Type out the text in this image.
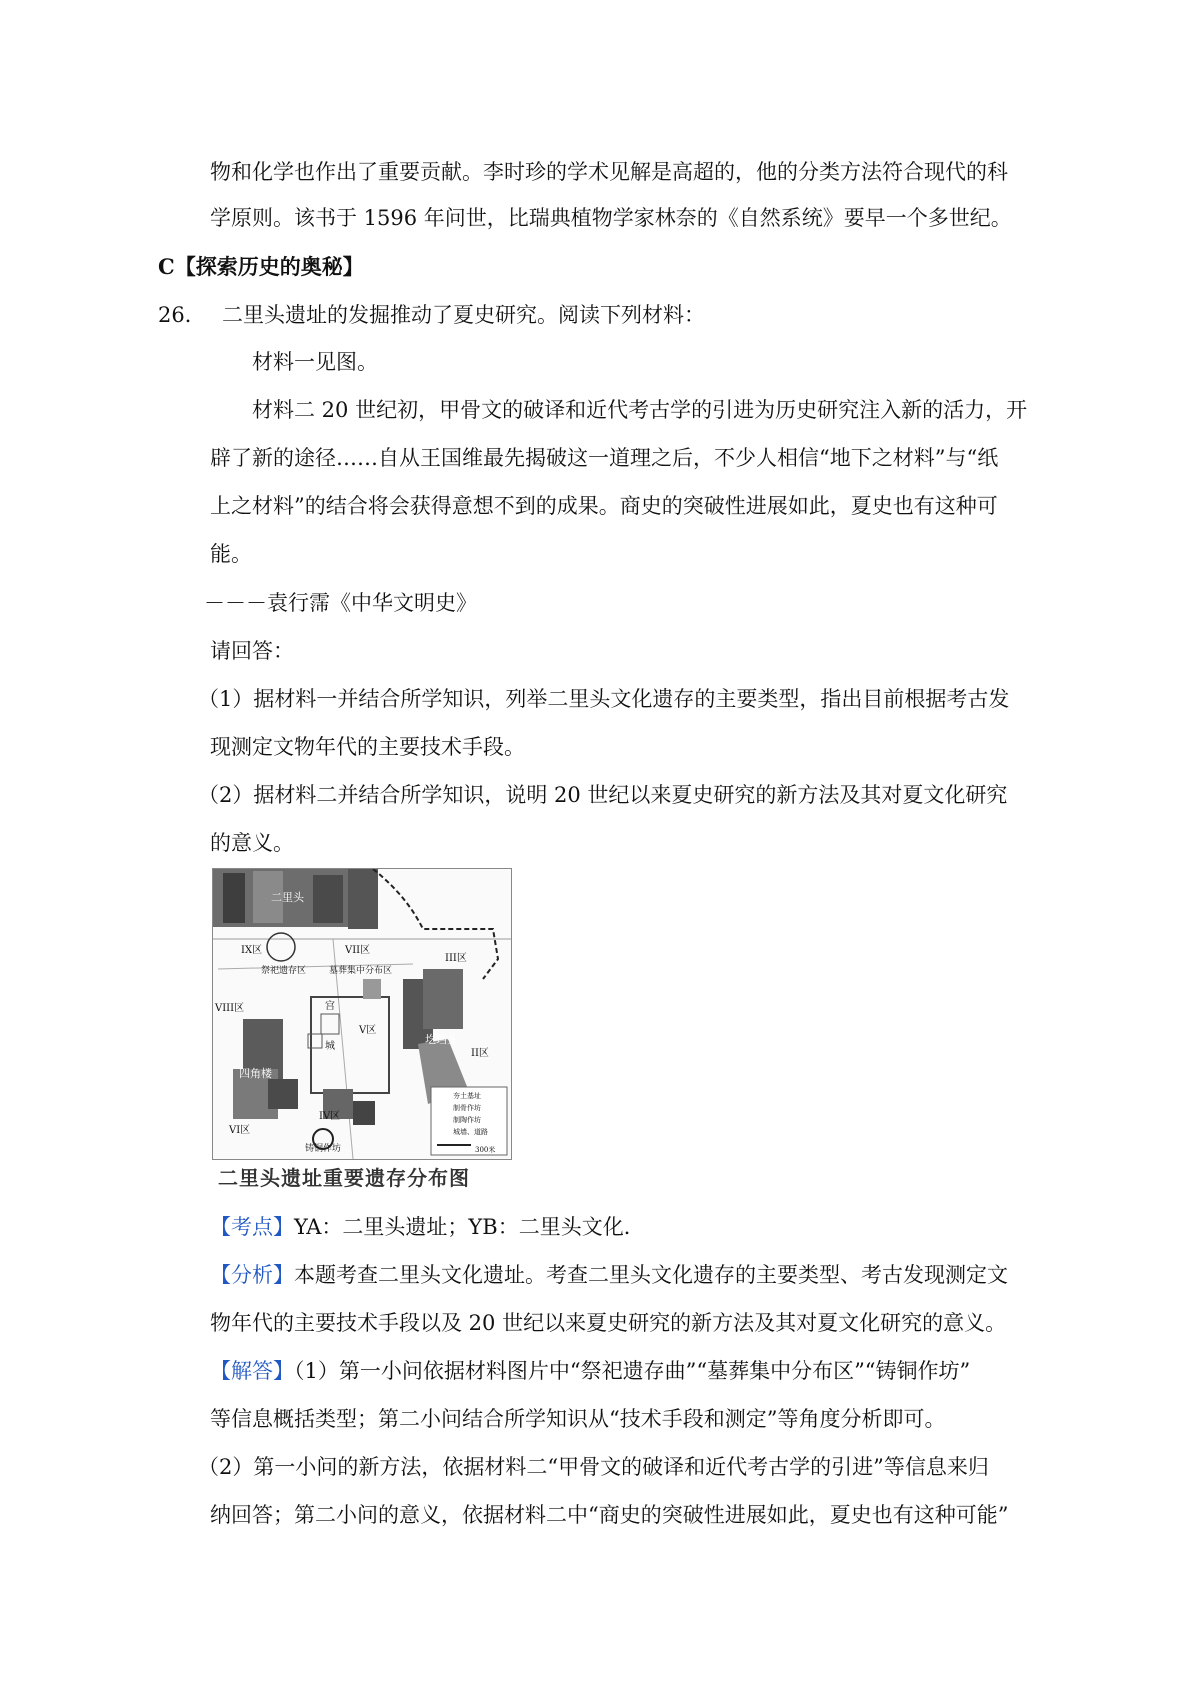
物和化学也作出了重要贡献。李时珍的学术见解是高超的，他的分类方法符合现代的科
学原则。该书于 1596 年问世，比瑞典植物学家林奈的《自然系统》要早一个多世纪。
C【探索历史的奥秘】
26． 二里头遗址的发掘推动了夏史研究。阅读下列材料：
材料一见图。
材料二 20 世纪初，甲骨文的破译和近代考古学的引进为历史研究注入新的活力，开
辟了新的途径……自从王国维最先揭破这一道理之后，不少人相信“地下之材料”与“纸
上之材料”的结合将会获得意想不到的成果。商史的突破性进展如此，夏史也有这种可
能。
－－－袁行霈《中华文明史》
请回答：
（1）据材料一并结合所学知识，列举二里头文化遗存的主要类型，指出目前根据考古发
现测定文物年代的主要技术手段。
（2）据材料二并结合所学知识，说明 20 世纪以来夏史研究的新方法及其对夏文化研究
的意义。
二里头
IX区	VII区
III区
祭祀遗存区	墓葬集中分布区
VIII区	宫
V区
城
圪垱头
II区
四角楼
VI区
IV区
铸铜作坊
夯土基址
制骨作坊
制陶作坊
城墙、道路
300米
二里头遗址重要遗存分布图
【考点】YA：二里头遗址；YB：二里头文化．
【分析】本题考查二里头文化遗址。考查二里头文化遗存的主要类型、考古发现测定文
物年代的主要技术手段以及 20 世纪以来夏史研究的新方法及其对夏文化研究的意义。
【解答】（1）第一小问依据材料图片中“祭祀遗存曲”“墓葬集中分布区”“铸铜作坊”
等信息概括类型；第二小问结合所学知识从“技术手段和测定”等角度分析即可。
（2）第一小问的新方法，依据材料二“甲骨文的破译和近代考古学的引进”等信息来归
纳回答；第二小问的意义，依据材料二中“商史的突破性进展如此，夏史也有这种可能”
